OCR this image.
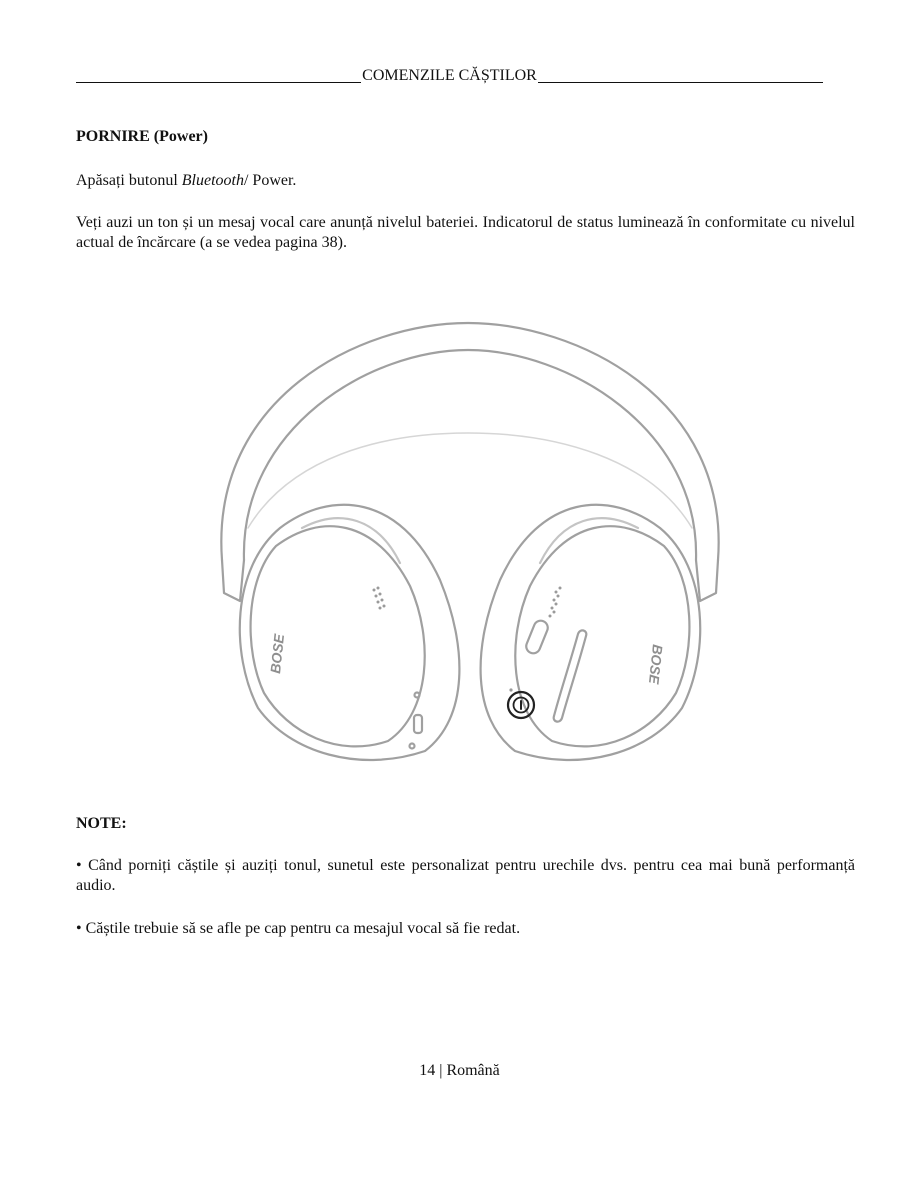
COMENZILE CĂȘTILOR
PORNIRE (Power)

Apăsați butonul Bluetooth/ Power.

Veți auzi un ton și un mesaj vocal care anunță nivelul bateriei. Indicatorul de status luminează în conformitate cu nivelul actual de încărcare (a se vedea pagina 38).

BOSE	BOSE
NOTE:

• Când porniți căștile și auziți tonul, sunetul este personalizat pentru urechile dvs. pentru cea mai bună performanță audio.

• Căștile trebuie să se afle pe cap pentru ca mesajul vocal să fie redat.

14 | Română
